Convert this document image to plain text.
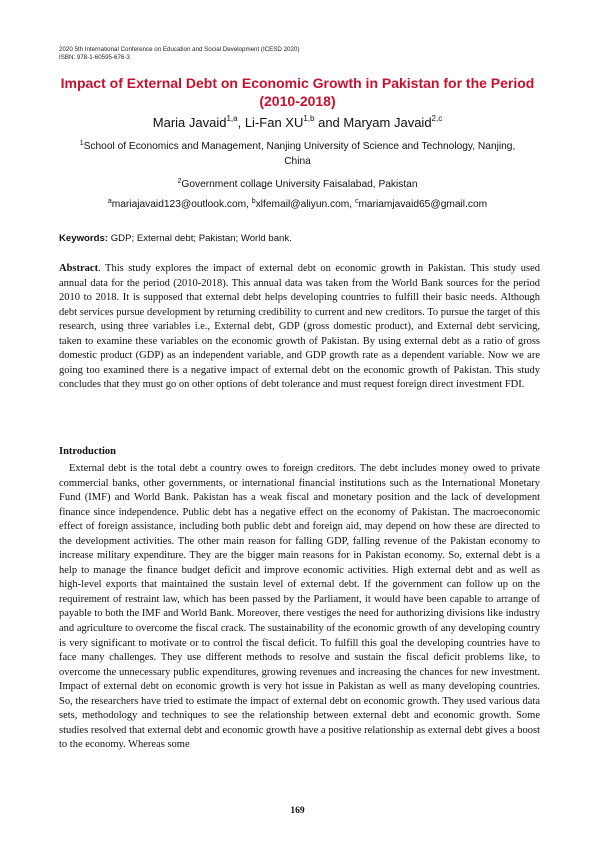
2020 5th International Conference on Education and Social Development (ICESD 2020)
ISBN: 978-1-60595-676-3
Impact of External Debt on Economic Growth in Pakistan for the Period
(2010-2018)
Maria Javaid$^{1,a}$, Li-Fan XU$^{1,b}$ and Maryam Javaid$^{2,c}$
$^1$School of Economics and Management, Nanjing University of Science and Technology, Nanjing, China
$^2$Government collage University Faisalabad, Pakistan
$^a$mariajavaid123@outlook.com, $^b$xlfemail@aliyun.com, $^c$mariamjavaid65@gmail.com
Keywords: GDP; External debt; Pakistan; World bank.
Abstract. This study explores the impact of external debt on economic growth in Pakistan. This study used annual data for the period (2010-2018). This annual data was taken from the World Bank sources for the period 2010 to 2018. It is supposed that external debt helps developing countries to fulfill their basic needs. Although debt services pursue development by returning credibility to current and new creditors. To pursue the target of this research, using three variables i.e., External debt, GDP (gross domestic product), and External debt servicing, taken to examine these variables on the economic growth of Pakistan. By using external debt as a ratio of gross domestic product (GDP) as an independent variable, and GDP growth rate as a dependent variable. Now we are going too examined there is a negative impact of external debt on the economic growth of Pakistan. This study concludes that they must go on other options of debt tolerance and must request foreign direct investment FDI.
Introduction
External debt is the total debt a country owes to foreign creditors. The debt includes money owed to private commercial banks, other governments, or international financial institutions such as the International Monetary Fund (IMF) and World Bank. Pakistan has a weak fiscal and monetary position and the lack of development finance since independence. Public debt has a negative effect on the economy of Pakistan. The macroeconomic effect of foreign assistance, including both public debt and foreign aid, may depend on how these are directed to the development activities. The other main reason for falling GDP, falling revenue of the Pakistan economy to increase military expenditure. They are the bigger main reasons for in Pakistan economy. So, external debt is a help to manage the finance budget deficit and improve economic activities. High external debt and as well as high-level exports that maintained the sustain level of external debt. If the government can follow up on the requirement of restraint law, which has been passed by the Parliament, it would have been capable to arrange of payable to both the IMF and World Bank. Moreover, there vestiges the need for authorizing divisions like industry and agriculture to overcome the fiscal crack. The sustainability of the economic growth of any developing country is very significant to motivate or to control the fiscal deficit. To fulfill this goal the developing countries have to face many challenges. They use different methods to resolve and sustain the fiscal deficit problems like, to overcome the unnecessary public expenditures, growing revenues and increasing the chances for new investment. Impact of external debt on economic growth is very hot issue in Pakistan as well as many developing countries. So, the researchers have tried to estimate the impact of external debt on economic growth. They used various data sets, methodology and techniques to see the relationship between external debt and economic growth. Some studies resolved that external debt and economic growth have a positive relationship as external debt gives a boost to the economy. Whereas some
169
